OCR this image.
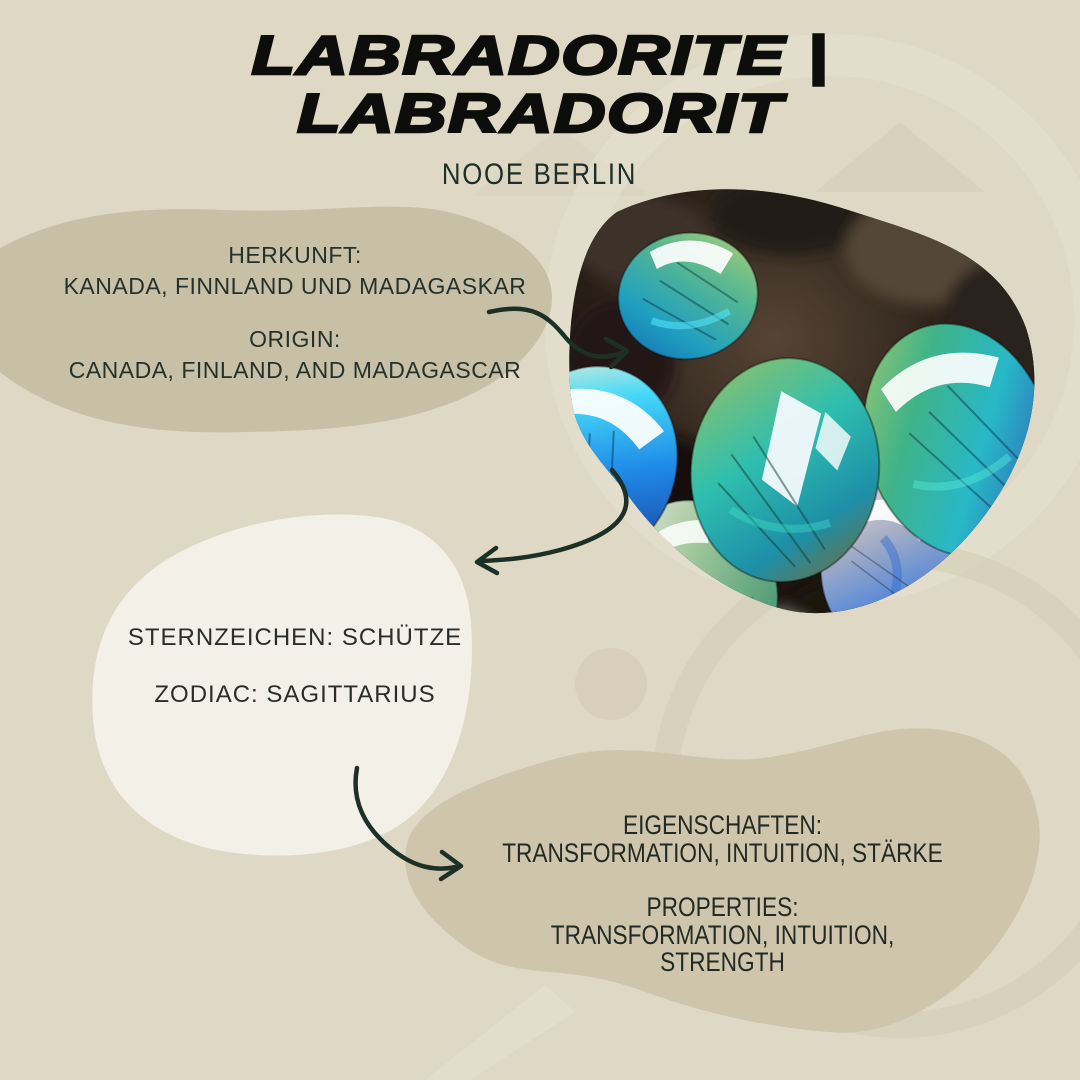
LABRADORITE |
LABRADORIT
NOOE BERLIN
HERKUNFT:
KANADA, FINNLAND UND MADAGASKAR
ORIGIN:
CANADA, FINLAND, AND MADAGASCAR
STERNZEICHEN: SCHÜTZE
ZODIAC: SAGITTARIUS
EIGENSCHAFTEN:
TRANSFORMATION, INTUITION, STÄRKE
PROPERTIES:
TRANSFORMATION, INTUITION, STRENGTH
